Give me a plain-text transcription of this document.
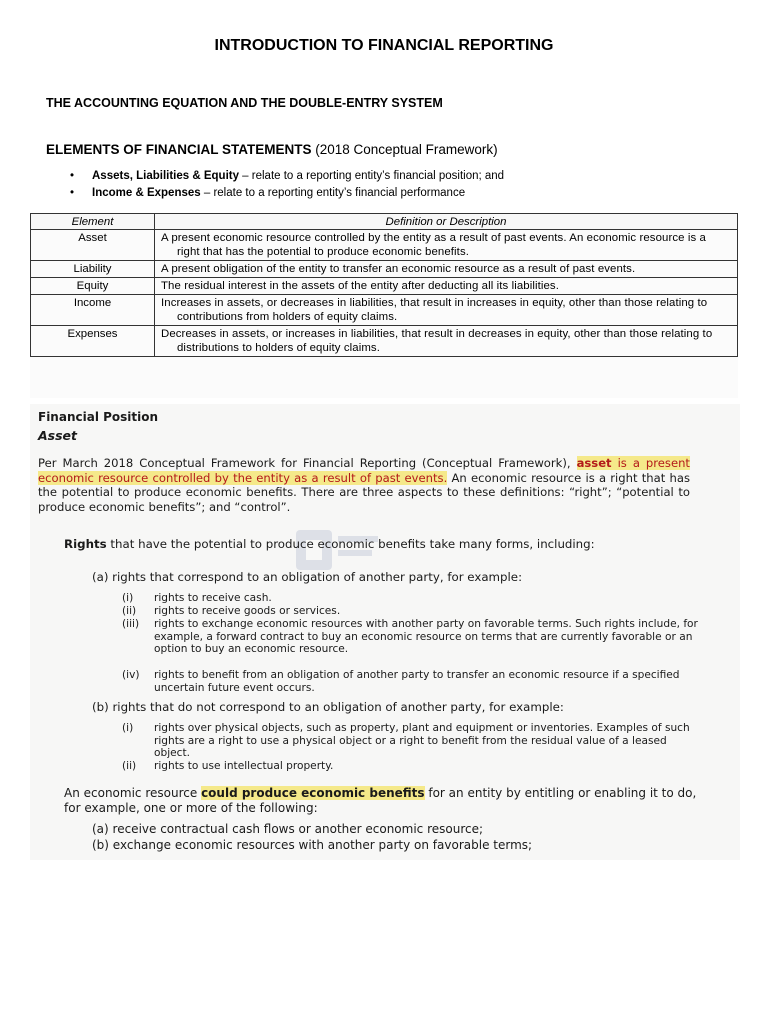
INTRODUCTION TO FINANCIAL REPORTING
THE ACCOUNTING EQUATION AND THE DOUBLE-ENTRY SYSTEM
ELEMENTS OF FINANCIAL STATEMENTS (2018 Conceptual Framework)
• Assets, Liabilities & Equity – relate to a reporting entity’s financial position; and
• Income & Expenses – relate to a reporting entity’s financial performance
Element	Definition or Description
Asset	A present economic resource controlled by the entity as a result of past events. An economic resource is a right that has the potential to produce economic benefits.

Liability	A present obligation of the entity to transfer an economic resource as a result of past events.

Equity	The residual interest in the assets of the entity after deducting all its liabilities.

Income	Increases in assets, or decreases in liabilities, that result in increases in equity, other than those relating to contributions from holders of equity claims.

Expenses	Decreases in assets, or increases in liabilities, that result in decreases in equity, other than those relating to distributions to holders of equity claims.
Financial Position
Asset
Per March 2018 Conceptual Framework for Financial Reporting (Conceptual Framework), asset is a present economic resource controlled by the entity as a result of past events. An economic resource is a right that has the potential to produce economic benefits. There are three aspects to these definitions: “right”; “potential to produce economic benefits”; and “control”.
Rights that have the potential to produce economic benefits take many forms, including:
(a) rights that correspond to an obligation of another party, for example:
(i)	rights to receive cash.
(ii)	rights to receive goods or services.
(iii)	rights to exchange economic resources with another party on favorable terms. Such rights include, for example, a forward contract to buy an economic resource on terms that are currently favorable or an option to buy an economic resource.
(iv)	rights to benefit from an obligation of another party to transfer an economic resource if a specified uncertain future event occurs.
(b) rights that do not correspond to an obligation of another party, for example:
(i)	rights over physical objects, such as property, plant and equipment or inventories. Examples of such rights are a right to use a physical object or a right to benefit from the residual value of a leased object.
(ii)	rights to use intellectual property.
An economic resource could produce economic benefits for an entity by entitling or enabling it to do, for example, one or more of the following:
(a) receive contractual cash flows or another economic resource;
(b) exchange economic resources with another party on favorable terms;
